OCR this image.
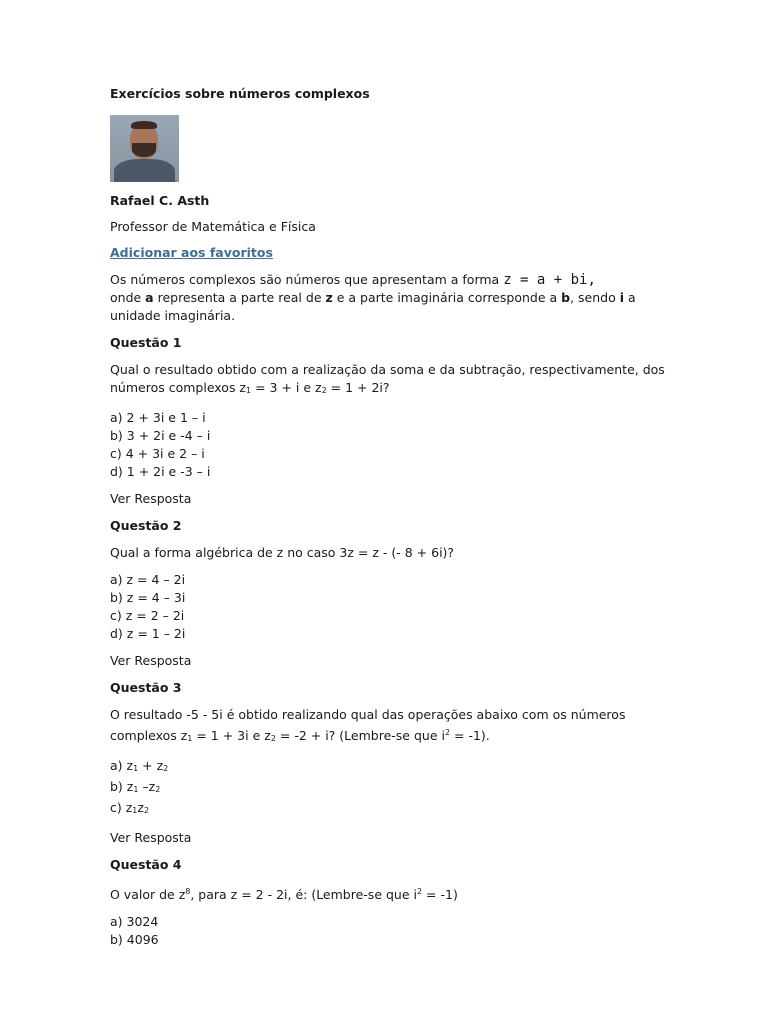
Exercícios sobre números complexos
Rafael C. Asth
Professor de Matemática e Física
Adicionar aos favoritos

Os números complexos são números que apresentam a forma z = a + bi,
onde a representa a parte real de z e a parte imaginária corresponde a b, sendo i a unidade imaginária.

Questão 1

Qual o resultado obtido com a realização da soma e da subtração, respectivamente, dos números complexos $z_1 = 3 + i$ e $z_2 = 1 + 2i$?

a) 2 + 3i e 1 – i
b) 3 + 2i e -4 – i
c) 4 + 3i e 2 – i
d) 1 + 2i e -3 – i
Ver Resposta
Questão 2

Qual a forma algébrica de z no caso 3z = z - (- 8 + 6i)?

a) z = 4 – 2i
b) z = 4 – 3i
c) z = 2 – 2i
d) z = 1 – 2i
Ver Resposta
Questão 3

O resultado -5 - 5i é obtido realizando qual das operações abaixo com os números complexos $z_1 = 1 + 3i$ e $z_2 = -2 + i$? (Lembre-se que $i^2 = -1$).

a) $z_1 + z_2$
b) $z_1$ $-z_2$
c) $z_1z_2$
Ver Resposta
Questão 4

O valor de $z^8$, para z = 2 - 2i, é: (Lembre-se que $i^2 = -1$)

a) 3024
b) 4096
